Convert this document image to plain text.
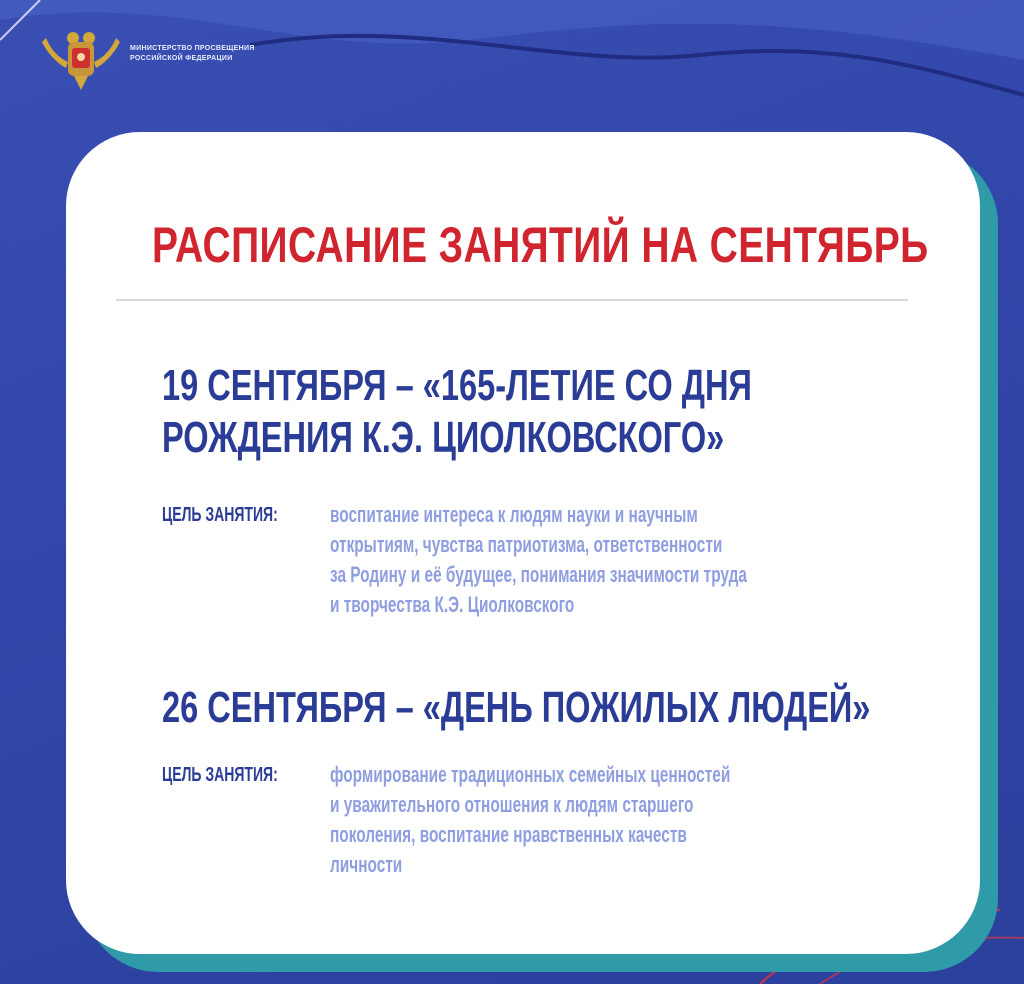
МИНИСТЕРСТВО ПРОСВЕЩЕНИЯ
РОССИЙСКОЙ ФЕДЕРАЦИИ
РАСПИСАНИЕ ЗАНЯТИЙ НА СЕНТЯБРЬ
19 СЕНТЯБРЯ – «165-ЛЕТИЕ СО ДНЯ
РОЖДЕНИЯ К.Э. ЦИОЛКОВСКОГО»
ЦЕЛЬ ЗАНЯТИЯ: воспитание интереса к людям науки и научным
открытиям, чувства патриотизма, ответственности
за Родину и её будущее, понимания значимости труда
и творчества К.Э. Циолковского
26 СЕНТЯБРЯ – «ДЕНЬ ПОЖИЛЫХ ЛЮДЕЙ»
ЦЕЛЬ ЗАНЯТИЯ: формирование традиционных семейных ценностей
и уважительного отношения к людям старшего
поколения, воспитание нравственных качеств
личности
